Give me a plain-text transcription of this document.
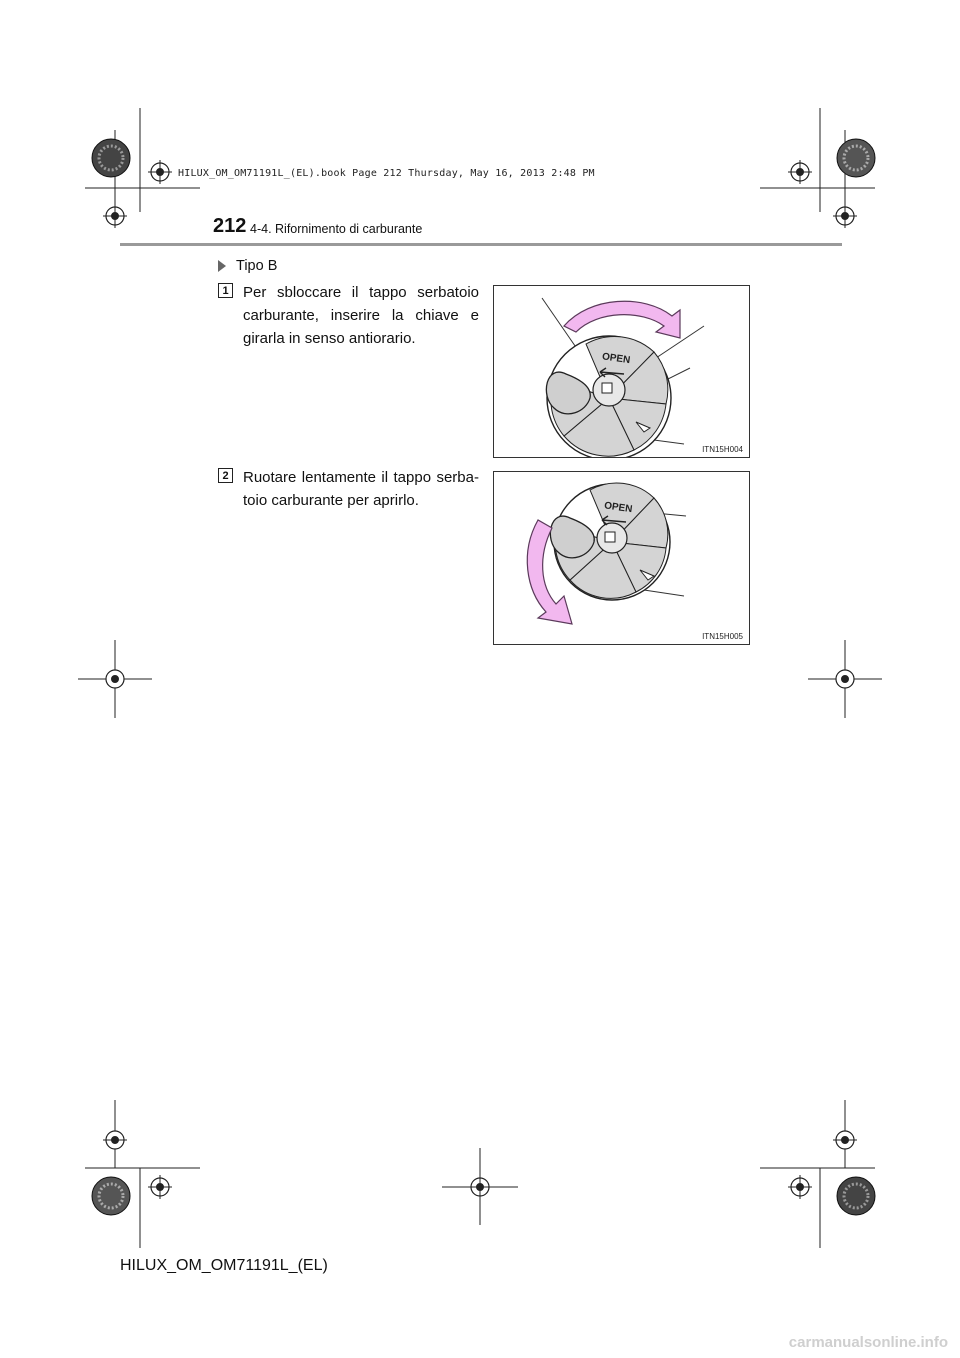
HILUX_OM_OM71191L_(EL).book Page 212 Thursday, May 16, 2013 2:48 PM
212 4-4. Rifornimento di carburante
Tipo B
1 Per sbloccare il tappo serbatoio carburante, inserire la chiave e girarla in senso antiorario.
OPEN
ITN15H004
2 Ruotare lentamente il tappo serba-toio carburante per aprirlo.	OPEN
ITN15H005
HILUX_OM_OM71191L_(EL)
carmanualsonline.info
